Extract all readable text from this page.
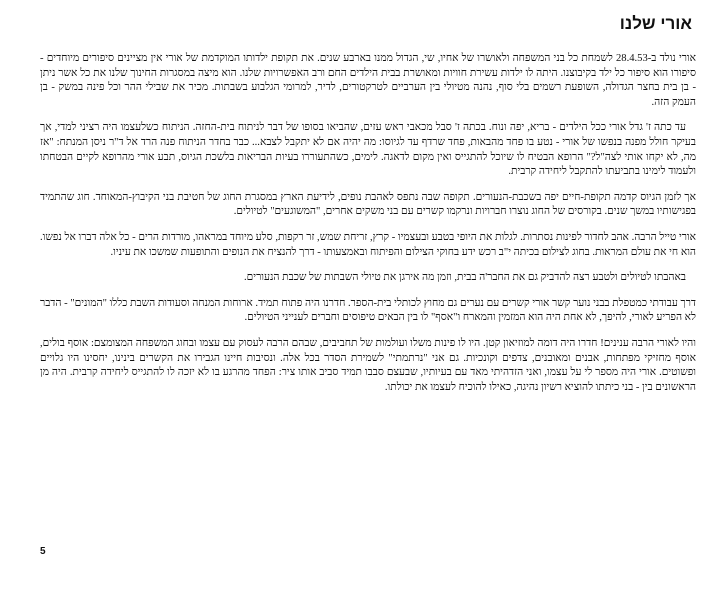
אורי שלנו

אורי נולד ב-28.4.53 לשמחת כל בני המשפחה ולאושרו של אחיו, שי, הגדול ממנו בארבע שנים. את תקופת ילדותו המוקדמת של אורי אין מציינים סיפורים מיוחדים - סיפורו הוא סיפור כל ילד בקיבוצנו. היתה לו ילדות עשירת חוויות ומאושרת בבית הילדים החם ורב האפשרויות שלנו. הוא מיצה במסגרות החינוך שלנו את כל אשר ניתן - בן בית בחצר הגדולה, השופעת רשמים בלי סוף, נהנה מטיולי בין הערביים לטרקטורים, לדיר, למרומי הגלבוע בשבתות. מכיר את שבילי ההר וכל פינה במשק - בן העמק הזה.

עד כתה ז' גדל אורי ככל הילדים - בריא, יפה ונוח. בכתה ז' סבל מכאבי ראש עזים, שהביאו בסופו של דבר לניתוח בית-החזה. הניתוח כשלעצמו היה רציני למדי, אך בעיקר חולל מפנה בנפשו של אורי - נטע בו פחד מהבאות, פחד שרדף עד לגיוסו: מה יהיה אם לא יתקבל לצבא... כבר בחדר הניתוח פנה הרד אל ד"ר ניסן המנתח: "אז מה, לא יקחו אותי לצה"ל?" הרופא הבטיח לו שיוכל להתגייס ואין מקום לדאגה. לימים, כשהתעוררו בעיות הבריאות בלשכת הגיוס, תבע אורי מהרופא לקיים הבטחתו ולעמוד לימינו בתביעתו להתקבל ליחידה קרבית.

אך לזמן הגיוס קדמה תקופת-חיים יפה בשכבת-הנעורים. תקופה שבה נתפס לאהבת נופים, לידיעת הארץ במסגרת החוג של חטיבת בני הקיבוץ-המאוחד. חוג שהתמיד בפגישותיו במשך שנים. בקורסים של החוג נוצרו חברויות ונרקמו קשרים עם בני משקים אחרים, "המשוגעים" לטיולים.

אורי טייל הרבה. אהב לחדור לפינות נסתרות. לגלות את היופי בטבע ובעצמיו - קרץ, זריחת שמש, זר רקפות, סלע מיוחד במראהו, מורדות הרים - כל אלה דברו אל נפשו. הוא חי את עולם המראות. בחוג לצילום בכיתה י"ב רכש ידע בחוקי הצילום והפיתוח ובאמצעותו - דרך להנציח את הנופים והתופעות שמשכו את עיניו.

באהבתו לטיולים ולטבע רצה להדביק גם את החבר'ה בבית, וזמן מה אירגן את טיולי השבתות של שכבת הנעורים.

דרך עבודתי כמטפלת בבני נוער קשר אורי קשרים עם נערים גם מחוץ לכותלי בית-הספר. חדרנו היה פתוח תמיד. ארוחות המנחה וסעודות השבת כללו "המונים" - הדבר לא הפריע לאורי, להיפך, לא אחת היה הוא המזמין והמארח ו"אסף" לו בין הבאים טיפוסים וחברים לענייני הטיולים.

והיו לאורי הרבה ענינים! חדרו היה דומה למוזיאון קטן. היו לו פינות משלו ועולמות של תחביבים, שבהם הרבה לעסוק עם עצמו ובחוג המשפחה המצומצם: אוסף בולים, אוסף מחזיקי מפתחות, אבנים ומאובנים, צדפים וקונכיות. גם אני "נרתמתי" לשמירת הסדר בכל אלה. ונסיבות חיינו הגבירו את הקשרים בינינו, יחסינו היו גלויים ופשוטים. אורי היה מספר לי על עצמו, ואני הזדהיתי מאד עם בעיותיו, שבעצם סבבו תמיד סביב אותו ציר: הפחד מהרגע בו לא יזכה לו להתגייס ליחידה קרבית. היה מן הראשונים בין - בני כיתתו להוציא רשיון נהיגה, כאילו להוכיח לעצמו את יכולתו.

5
